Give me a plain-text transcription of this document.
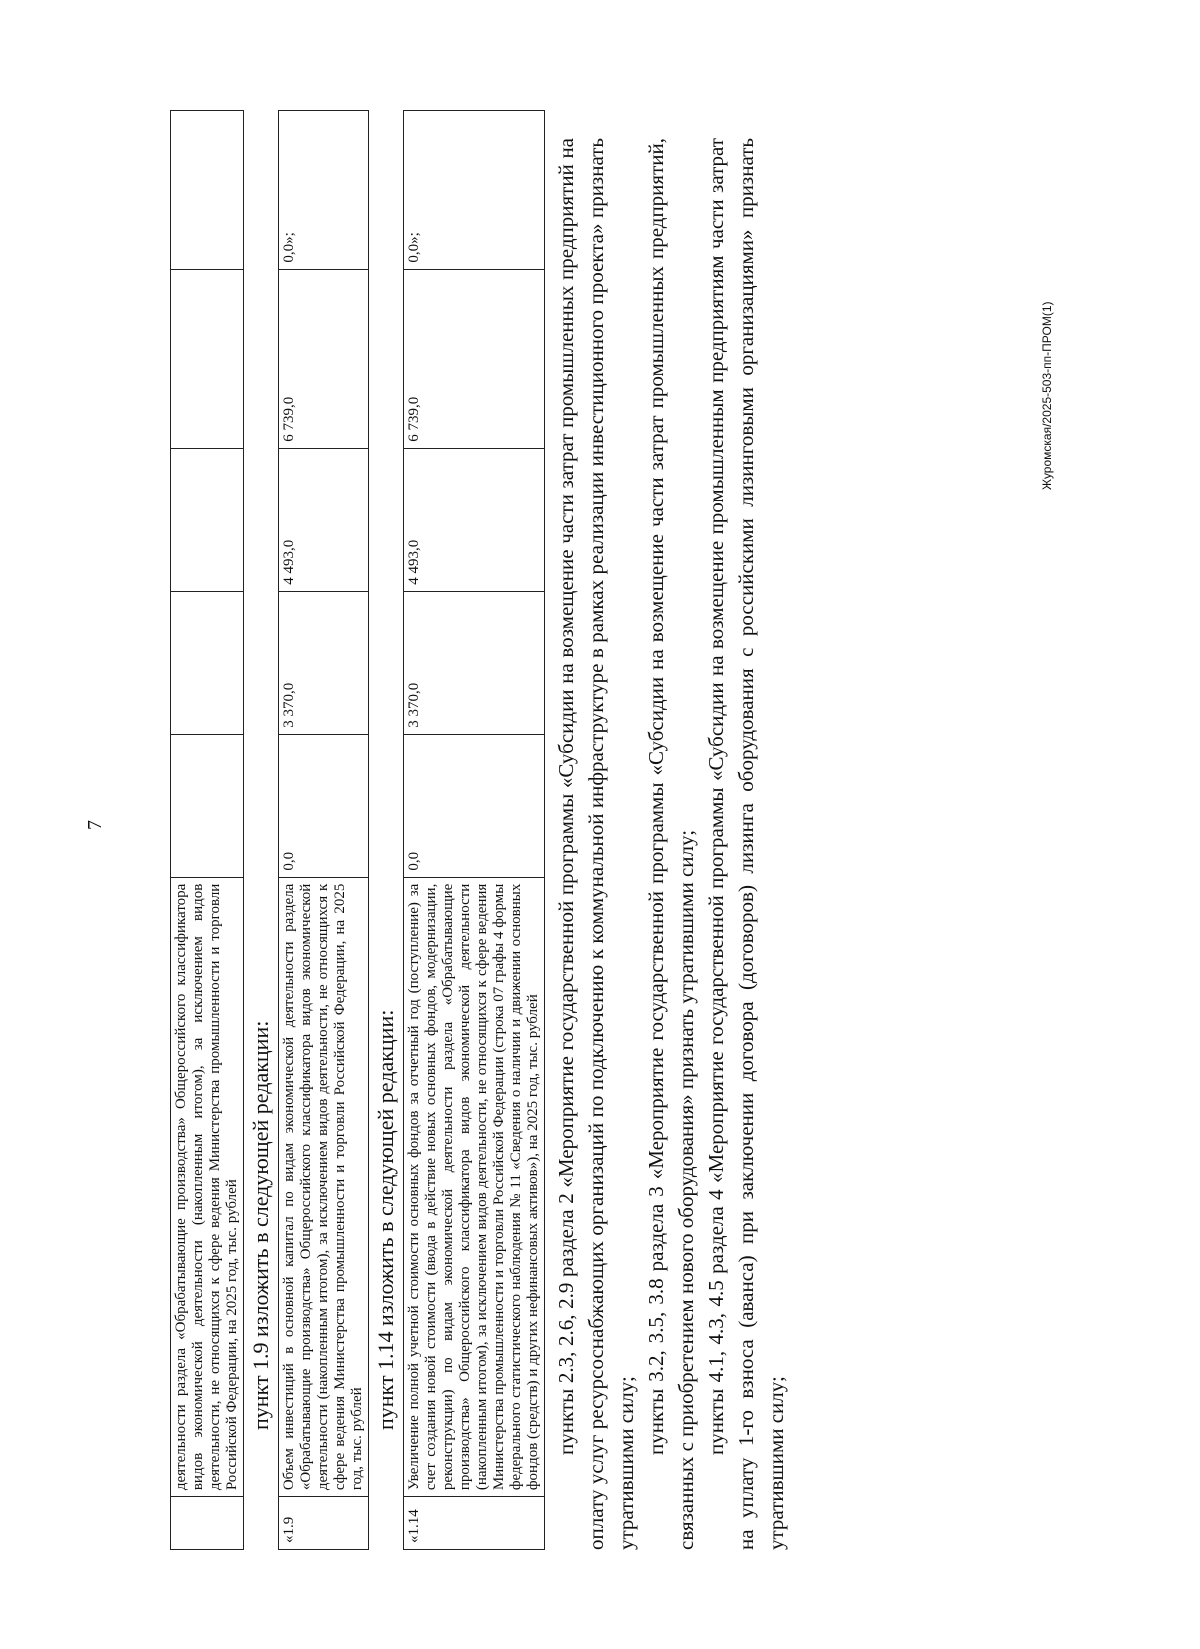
7
	деятельности раздела «Обрабатывающие производства» Общероссийского классификатора видов экономической деятельности (накопленным итогом), за исключением видов деятельности, не относящихся к сфере ведения Министерства промышленности и торговли Российской Федерации, на 2025 год, тыс. рублей					пункт 1.9 изложить в следующей редакции:
«1.9	Объем инвестиций в основной капитал по видам экономической деятельности раздела «Обрабатывающие производства» Общероссийского классификатора видов экономической деятельности (накопленным итогом), за исключением видов деятельности, не относящихся к сфере ведения Министерства промышленности и торговли Российской Федерации, на 2025 год, тыс. рублей	0,0	3 370,0	4 493,0	6 739,0	0,0»;
пункт 1.14 изложить в следующей редакции:
«1.14	Увеличение полной учетной стоимости основных фондов за отчетный год (поступление) за счет создания новой стоимости (ввода в действие новых основных фондов, модернизации, реконструкции) по видам экономической деятельности раздела «Обрабатывающие производства» Общероссийского классификатора видов экономической деятельности (накопленным итогом), за исключением видов деятельности, не относящихся к сфере ведения Министерства промышленности и торговли Российской Федерации (строка 07 графы 4 формы федерального статистического наблюдения № 11 «Сведения о наличии и движении основных фондов (средств) и других нефинансовых активов»), на 2025 год, тыс. рублей	0,0	3 370,0	4 493,0	6 739,0	0,0»;	пункты 2.3, 2.6, 2.9 раздела 2 «Мероприятие государственной программы «Субсидии на возмещение части затрат промышленных предприятий на оплату услуг ресурсоснабжающих организаций по подключению к коммунальной инфраструктуре в рамках реализации инвестиционного проекта» признать утратившими силу;

пункты 3.2, 3.5, 3.8 раздела 3 «Мероприятие государственной программы «Субсидии на возмещение части затрат промышленных предприятий, связанных с приобретением нового оборудования» признать утратившими силу; пункты 4.1, 4.3, 4.5 раздела 4 «Мероприятие государственной программы «Субсидии на возмещение промышленным предприятиям части затрат на уплату 1-го взноса (аванса) при заключении договора (договоров) лизинга оборудования с российскими лизинговыми организациями» признать утратившими силу;

Журомская/2025-503-пп-ПРОМ(1)
